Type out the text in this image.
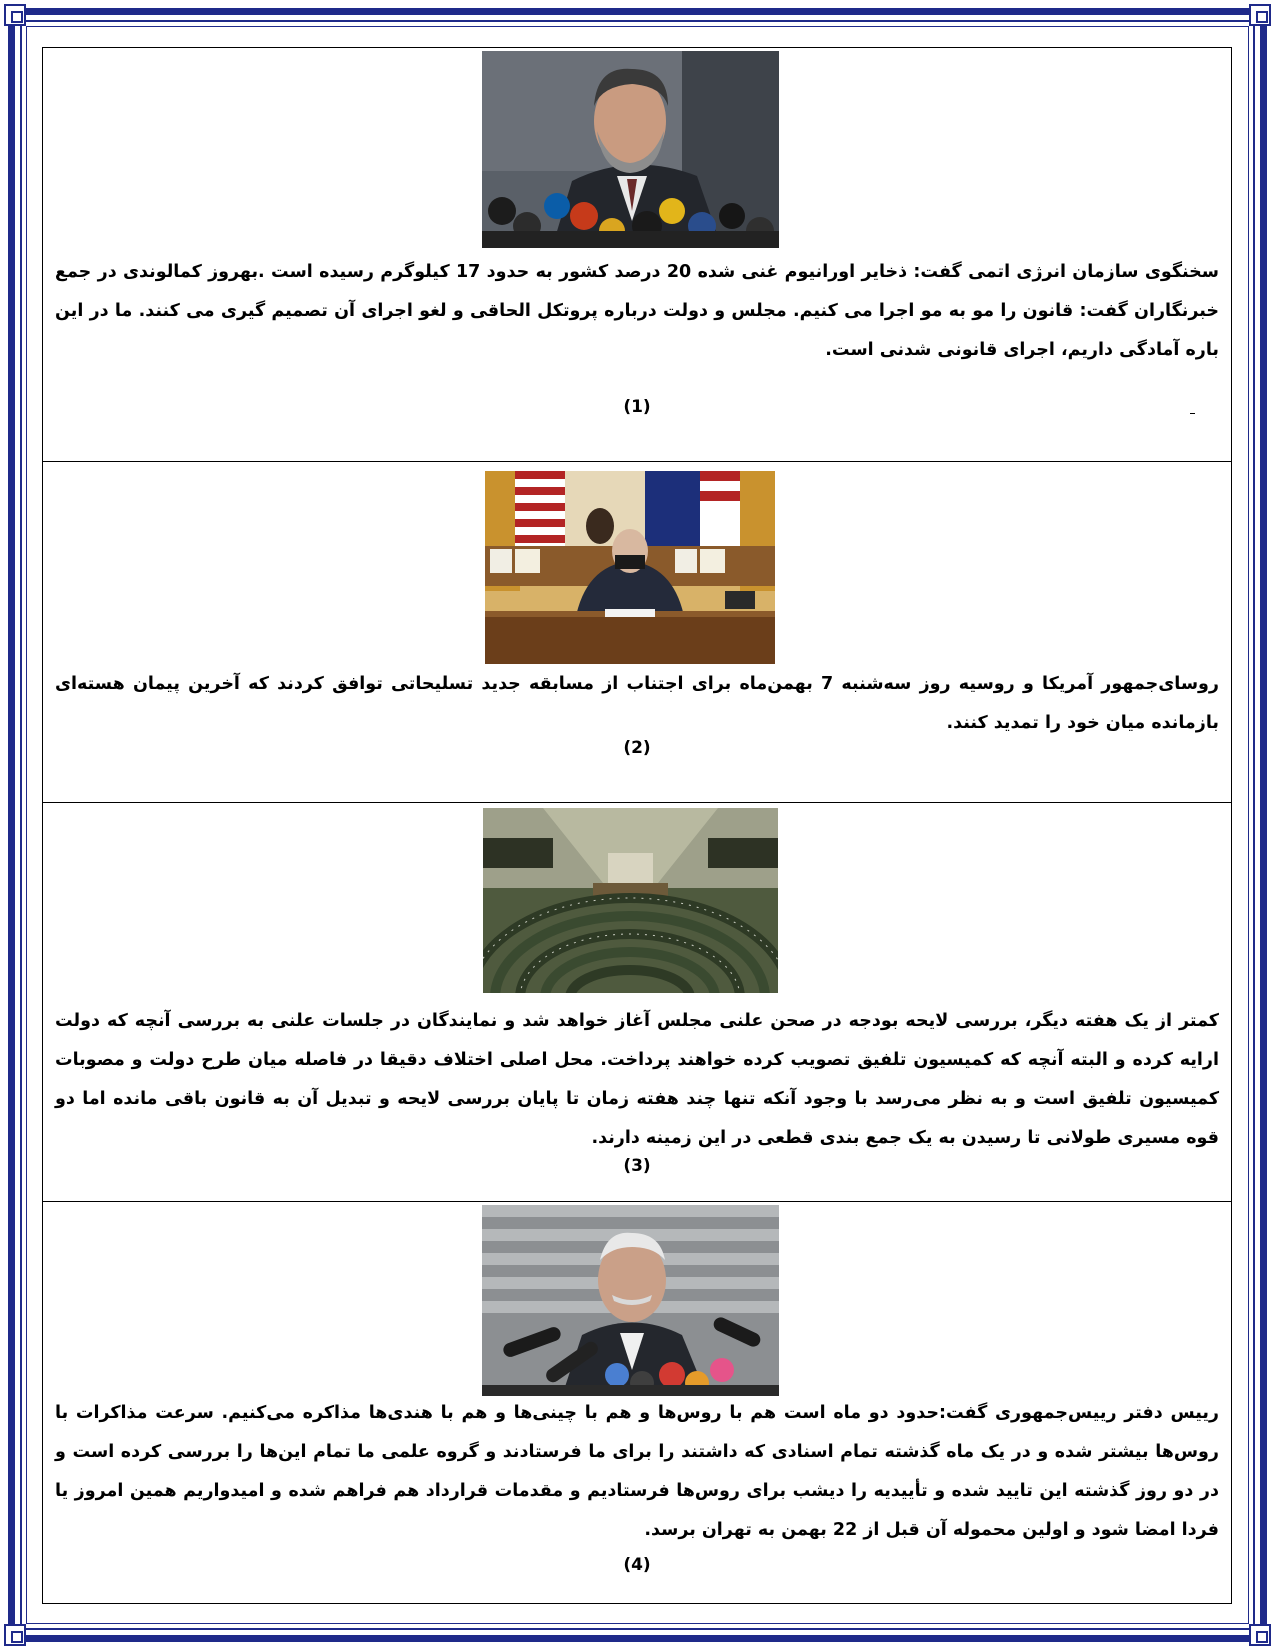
سخنگوی سازمان انرژی اتمی گفت: ذخایر اورانیوم غنی شده 20 درصد کشور به حدود 17 کیلوگرم رسیده است .بهروز کمالوندی در جمع خبرنگاران گفت: قانون را مو به مو اجرا می کنیم. مجلس و دولت درباره پروتکل الحاقی و لغو اجرای آن تصمیم گیری می کنند. ما در این باره آمادگی داریم، اجرای قانونی شدنی است.

(1)

روسای‌جمهور آمریکا و روسیه روز سه‌شنبه 7 بهمن‌ماه برای اجتناب از مسابقه جدید تسلیحاتی توافق کردند که آخرین پیمان هسته‌ای بازمانده میان خود را تمدید کنند.

(2)

کمتر از یک هفته دیگر، بررسی لایحه بودجه در صحن علنی مجلس آغاز خواهد شد و نمایندگان در جلسات علنی به بررسی آنچه که دولت ارایه کرده و البته آنچه که کمیسیون تلفیق تصویب کرده خواهند پرداخت. محل اصلی اختلاف دقیقا در فاصله میان طرح دولت و مصوبات کمیسیون تلفیق است و به نظر می‌رسد با وجود آنکه تنها چند هفته زمان تا پایان بررسی لایحه و تبدیل آن به قانون باقی مانده اما دو قوه مسیری طولانی تا رسیدن به یک جمع بندی قطعی در این زمینه دارند.

(3)

رییس دفتر رییس‌جمهوری گفت:حدود دو ماه است هم با روس‌ها و هم با چینی‌ها و هم با هندی‌ها مذاکره می‌کنیم. سرعت مذاکرات با روس‌ها بیشتر شده و در یک ماه گذشته تمام اسنادی که داشتند را برای ما فرستادند و گروه علمی ما تمام این‌ها را بررسی کرده است و در دو روز گذشته این تایید شده و تأییدیه را دیشب برای روس‌ها فرستادیم و مقدمات قرارداد هم فراهم شده و امیدواریم همین امروز یا فردا امضا شود و اولین محموله آن قبل از 22 بهمن به تهران برسد.

(4)
